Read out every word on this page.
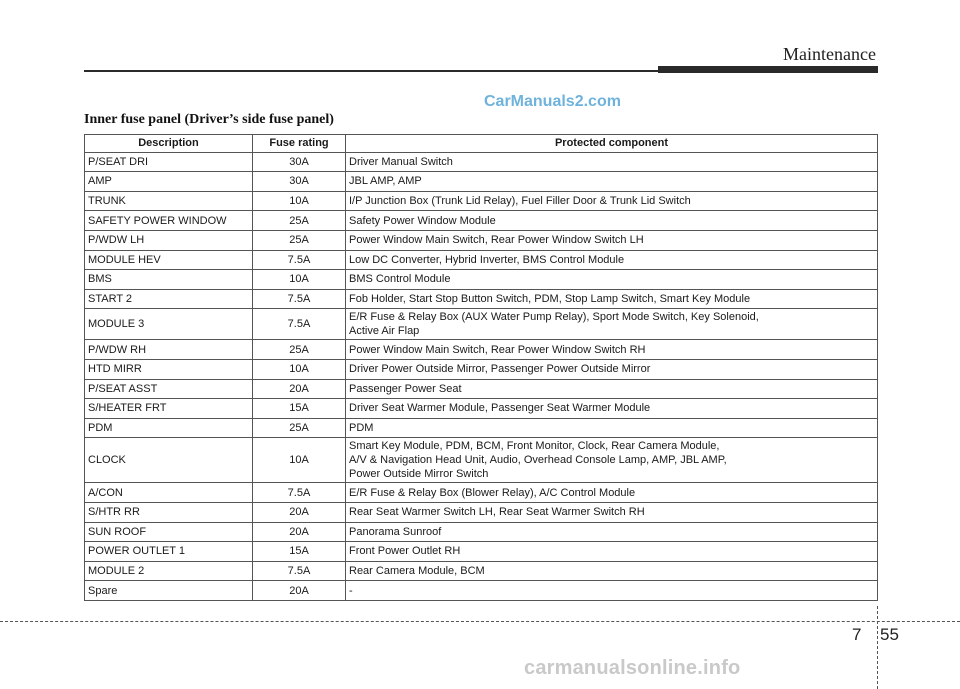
Maintenance
CarManuals2.com
Inner fuse panel (Driver’s side fuse panel)
Description	Fuse rating	Protected component
P/SEAT DRI	30A	Driver Manual Switch

AMP	30A	JBL AMP, AMP

TRUNK	10A	I/P Junction Box (Trunk Lid Relay), Fuel Filler Door & Trunk Lid Switch

SAFETY POWER WINDOW	25A	Safety Power Window Module

P/WDW LH	25A	Power Window Main Switch, Rear Power Window Switch LH

MODULE HEV	7.5A	Low DC Converter, Hybrid Inverter, BMS Control Module

BMS	10A	BMS Control Module

START 2	7.5A	Fob Holder, Start Stop Button Switch, PDM, Stop Lamp Switch, Smart Key Module

MODULE 3	7.5A	E/R Fuse & Relay Box (AUX Water Pump Relay), Sport Mode Switch, Key Solenoid,
Active Air Flap

P/WDW RH	25A	Power Window Main Switch, Rear Power Window Switch RH

HTD MIRR	10A	Driver Power Outside Mirror, Passenger Power Outside Mirror

P/SEAT ASST	20A	Passenger Power Seat

S/HEATER FRT	15A	Driver Seat Warmer Module, Passenger Seat Warmer Module

PDM	25A	PDM

CLOCK	10A	Smart Key Module, PDM, BCM, Front Monitor, Clock, Rear Camera Module,
A/V & Navigation Head Unit, Audio, Overhead Console Lamp, AMP, JBL AMP,
Power Outside Mirror Switch

A/CON	7.5A	E/R Fuse & Relay Box (Blower Relay), A/C Control Module

S/HTR RR	20A	Rear Seat Warmer Switch LH, Rear Seat Warmer Switch RH

SUN ROOF	20A	Panorama Sunroof

POWER OUTLET 1	15A	Front Power Outlet RH

MODULE 2	7.5A	Rear Camera Module, BCM

Spare	20A	-
7 55
carmanualsonline.info
